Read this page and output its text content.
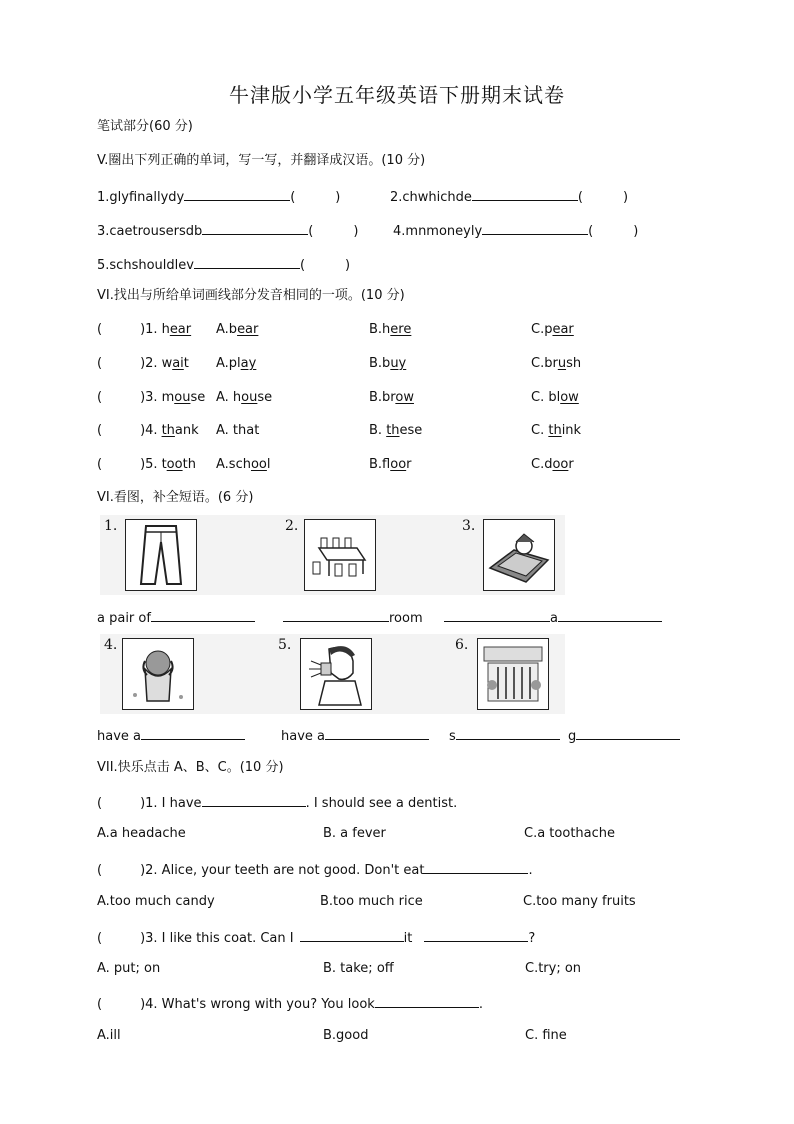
牛津版小学五年级英语下册期末试卷
笔试部分(60 分)
V.圈出下列正确的单词，写一写，并翻译成汉语。(10 分)
1.glyfinallydy	(	)	2.chwhichde	(	)
3.caetrousersdb	(	)	4.mnmoneyly	(	)
5.schshouldlev	(	)
VI.找出与所给单词画线部分发音相同的一项。(10 分)
(	)1. hear A.bear	B.here	C.pear
(	)2. wait A.play	B.buy	C.brush
(	)3. mouse A. house	B.brow	C. blow
(	)4. thank A. that	B. these	C. think
(	)5. tooth A.school	B.floor	C.door
VI.看图，补全短语。(6 分)
1.	2.	3.
a pair of	room	a
4.	5.	6.
have a	have a	s	g
VII.快乐点击 A、B、C。(10 分)
(	)1. I have	. I should see a dentist.
A.a headache	B. a fever	C.a toothache
(	)2. Alice, your teeth are not good. Don't eat	.
A.too much candy	B.too much rice	C.too many fruits
(	)3. I like this coat. Can I	it	?
A. put; on	B. take; off	C.try; on
(	)4. What's wrong with you? You look	.
A.ill	B.good	C. fine
